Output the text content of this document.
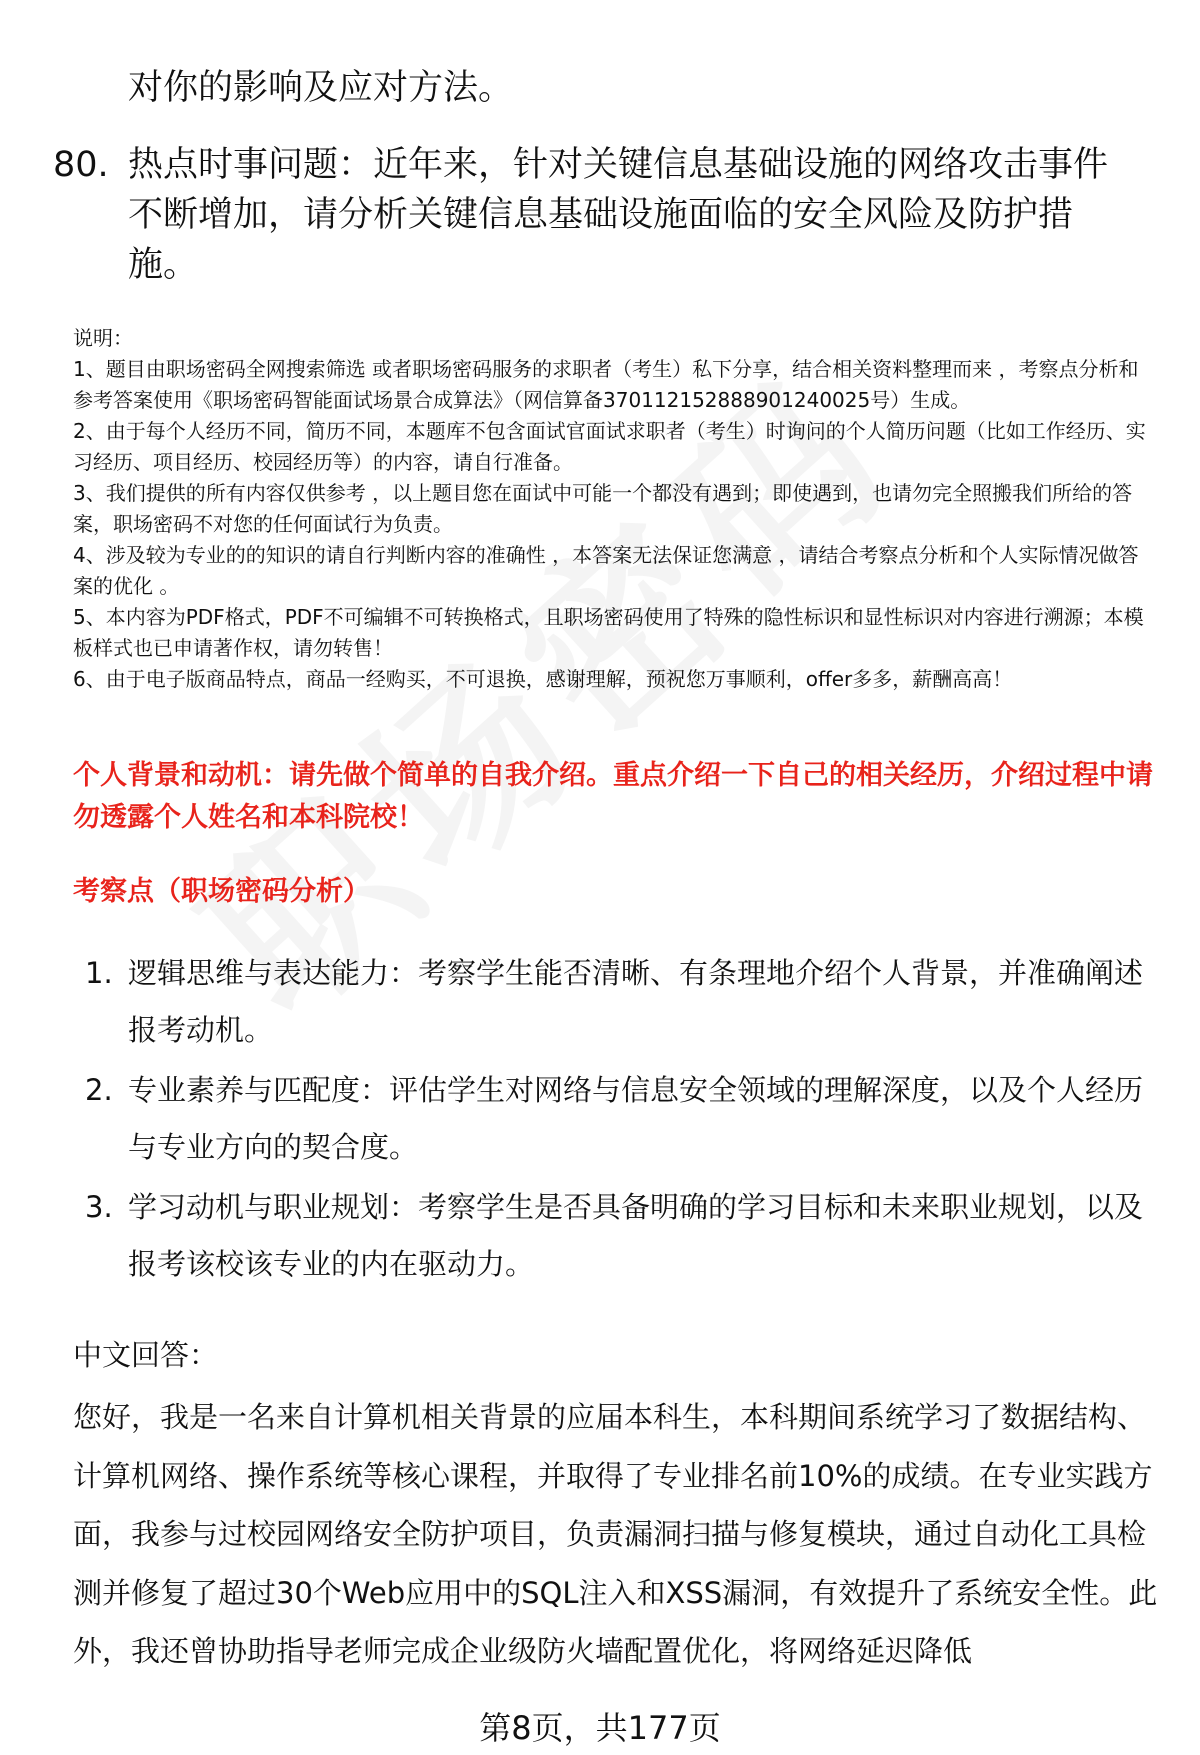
对你的影响及应对方法。
80. 热点时事问题：近年来，针对关键信息基础设施的网络攻击事件不断增加，请分析关键信息基础设施面临的安全风险及防护措施。

说明：

1、题目由职场密码全网搜索筛选 或者职场密码服务的求职者（考生）私下分享，结合相关资料整理而来 ，考察点分析和参考答案使用《职场密码智能面试场景合成算法》（网信算备370112152888901240025号）生成。

2、由于每个人经历不同，简历不同，本题库不包含面试官面试求职者（考生）时询问的个人简历问题（比如工作经历、实习经历、项目经历、校园经历等）的内容，请自行准备。

3、我们提供的所有内容仅供参考 ，以上题目您在面试中可能一个都没有遇到；即使遇到，也请勿完全照搬我们所给的答案，职场密码不对您的任何面试行为负责。

4、涉及较为专业的的知识的请自行判断内容的准确性 ，本答案无法保证您满意 ，请结合考察点分析和个人实际情况做答案的优化 。

5、本内容为PDF格式，PDF不可编辑不可转换格式，且职场密码使用了特殊的隐性标识和显性标识对内容进行溯源；本模板样式也已申请著作权，请勿转售！

6、由于电子版商品特点，商品一经购买，不可退换，感谢理解，预祝您万事顺利，offer多多，薪酬高高！

个人背景和动机：请先做个简单的自我介绍。重点介绍一下自己的相关经历，介绍过程中请勿透露个人姓名和本科院校！
考察点（职场密码分析）
1. 逻辑思维与表达能力：考察学生能否清晰、有条理地介绍个人背景，并准确阐述报考动机。
2. 专业素养与匹配度：评估学生对网络与信息安全领域的理解深度，以及个人经历与专业方向的契合度。
3. 学习动机与职业规划：考察学生是否具备明确的学习目标和未来职业规划，以及报考该校该专业的内在驱动力。
中文回答：
您好，我是一名来自计算机相关背景的应届本科生，本科期间系统学习了数据结构、计算机网络、操作系统等核心课程，并取得了专业排名前10%的成绩。在专业实践方面，我参与过校园网络安全防护项目，负责漏洞扫描与修复模块，通过自动化工具检测并修复了超过30个Web应用中的SQL注入和XSS漏洞，有效提升了系统安全性。此外，我还曾协助指导老师完成企业级防火墙配置优化，将网络延迟降低
第8页，共177页
